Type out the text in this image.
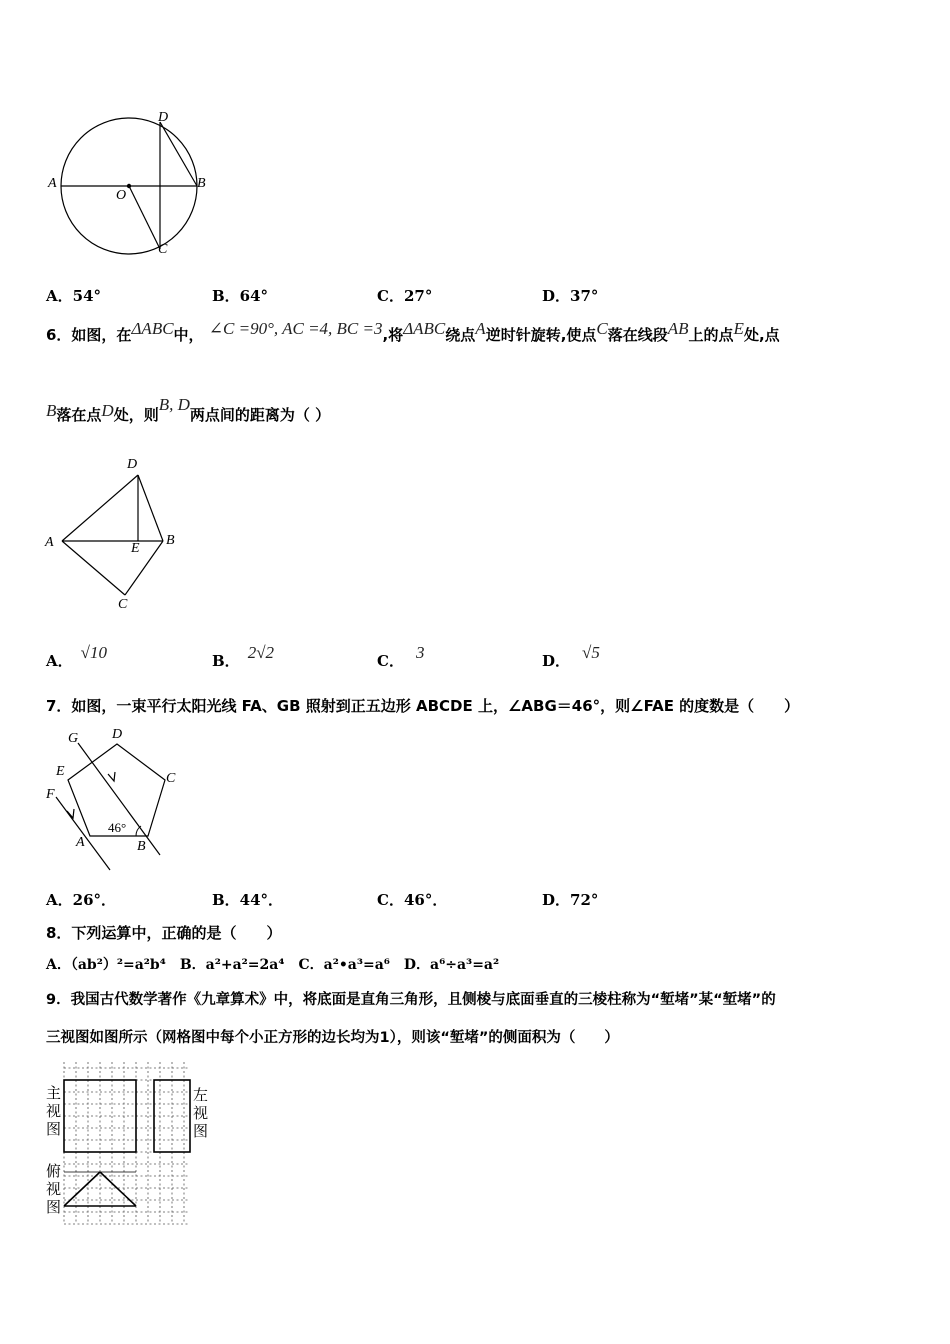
A	B
C
D
O
A．54°	B．64°	C．27°	D．37°
6．如图，在ΔABC中， ∠C =90°, AC =4, BC =3,将ΔABC绕点A逆时针旋转,使点C落在线段AB上的点E处,点
B落在点D处，则B, D两点间的距离为（ ）
D
A	E
B
C
A． √10	B． 2√2	C． 3	D． √5
7．如图，一束平行太阳光线 FA、GB 照射到正五边形 ABCDE 上，∠ABG＝46°，则∠FAE 的度数是（　　）
G D
C
E
F
A	B
46°
A．26°．	B．44°．	C．46°．	D．72°
8．下列运算中，正确的是（　　）
A．（ab²）²=a²b⁴　B．a²+a²=2a⁴　C．a²•a³=a⁶　D．a⁶÷a³=a²
9．我国古代数学著作《九章算术》中，将底面是直角三角形，且侧棱与底面垂直的三棱柱称为“堑堵”某“堑堵”的
三视图如图所示（网格图中每个小正方形的边长均为1），则该“堑堵”的侧面积为（　　）
主视图
左视图
俯视图
